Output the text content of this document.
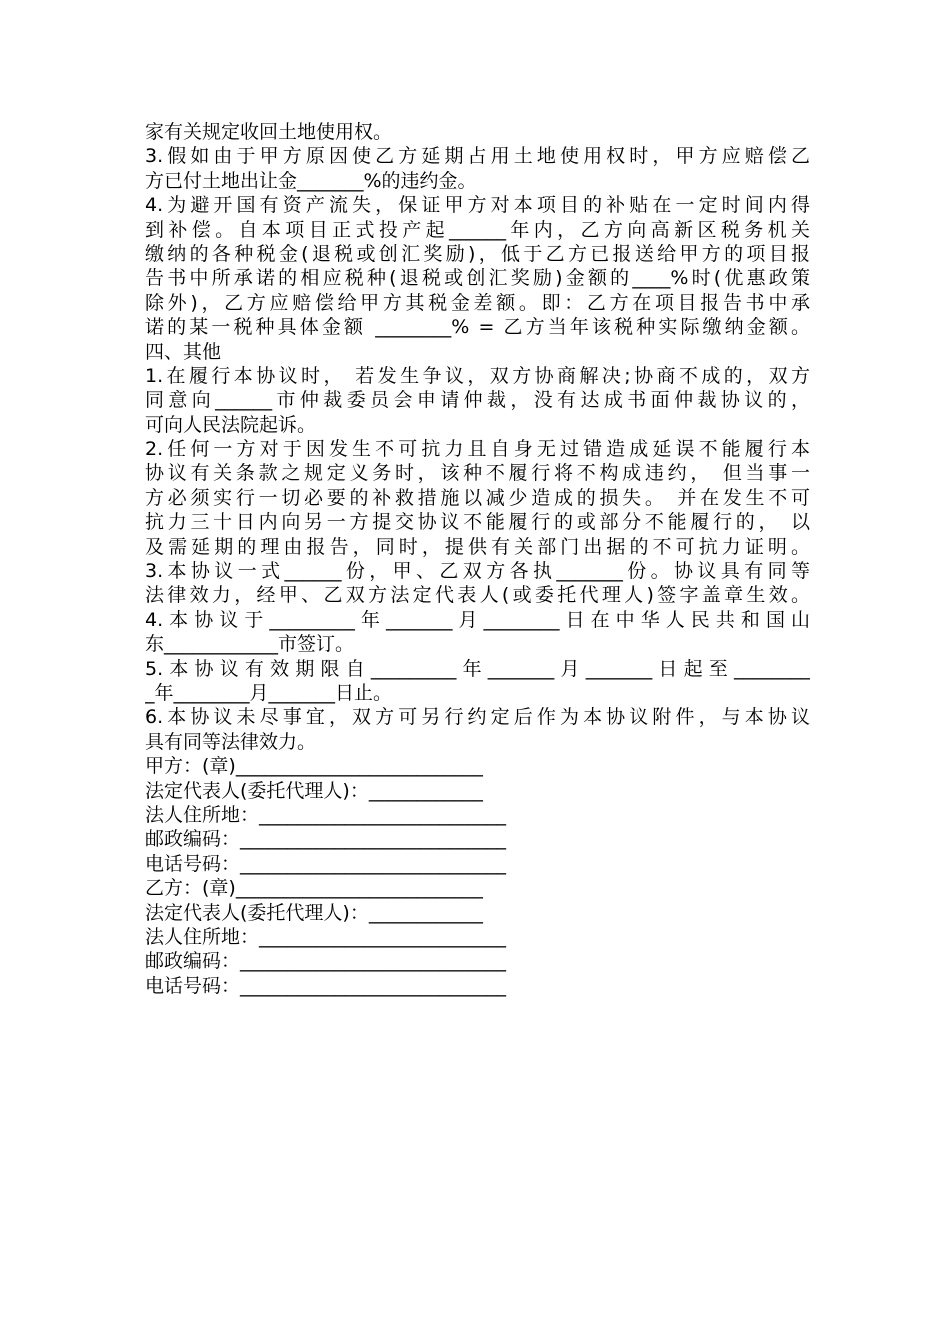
家有关规定收回土地使用权。
3.假如由于甲方原因使乙方延期占用土地使用权时，甲方应赔偿乙
方已付土地出让金_______%的违约金。
4.为避开国有资产流失，保证甲方对本项目的补贴在一定时间内得
到补偿。自本项目正式投产起______年内，乙方向高新区税务机关
缴纳的各种税金(退税或创汇奖励)，低于乙方已报送给甲方的项目报
告书中所承诺的相应税种(退税或创汇奖励)金额的____%时(优惠政策
除外)，乙方应赔偿给甲方其税金差额。即：乙方在项目报告书中承
诺的某一税种具体金额 ________% = 乙方当年该税种实际缴纳金额。
四、其他
1.在履行本协议时， 若发生争议，双方协商解决;协商不成的，双方
同意向______市仲裁委员会申请仲裁，没有达成书面仲裁协议的，
可向人民法院起诉。
2.任何一方对于因发生不可抗力且自身无过错造成延误不能履行本
协议有关条款之规定义务时，该种不履行将不构成违约， 但当事一
方必须实行一切必要的补救措施以减少造成的损失。 并在发生不可
抗力三十日内向另一方提交协议不能履行的或部分不能履行的， 以
及需延期的理由报告，同时，提供有关部门出据的不可抗力证明。
3.本协议一式______份，甲、乙双方各执_______份。协议具有同等
法律效力，经甲、乙双方法定代表人(或委托代理人)签字盖章生效。
4.本协议于_________年_______月________日在中华人民共和国山
东____________市签订。
5.本协议有效期限自_________年_______月_______日起至________
_年________月_______日止。
6.本协议未尽事宜，双方可另行约定后作为本协议附件，与本协议
具有同等法律效力。
甲方：(章)__________________________
法定代表人(委托代理人)：____________
法人住所地：__________________________
邮政编码：____________________________
电话号码：____________________________
乙方：(章)__________________________
法定代表人(委托代理人)：____________
法人住所地：__________________________
邮政编码：____________________________
电话号码：____________________________
